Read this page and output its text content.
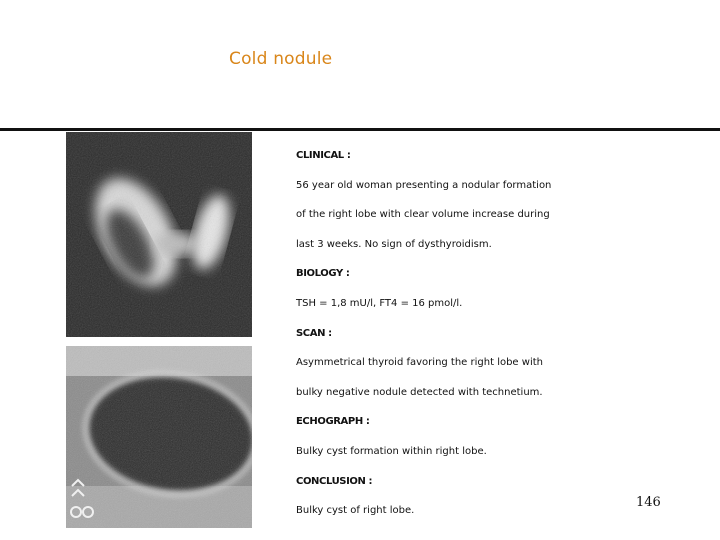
Cold nodule
CLINICAL :
56 year old woman presenting a nodular formation
of the right lobe with clear volume increase during
last 3 weeks. No sign of dysthyroidism.
BIOLOGY :
TSH = 1,8 mU/l, FT4 = 16 pmol/l.
SCAN :
Asymmetrical thyroid favoring the right lobe with
bulky negative nodule detected with technetium.
ECHOGRAPH :
Bulky cyst formation within right lobe.
CONCLUSION :
Bulky cyst of right lobe.
146
